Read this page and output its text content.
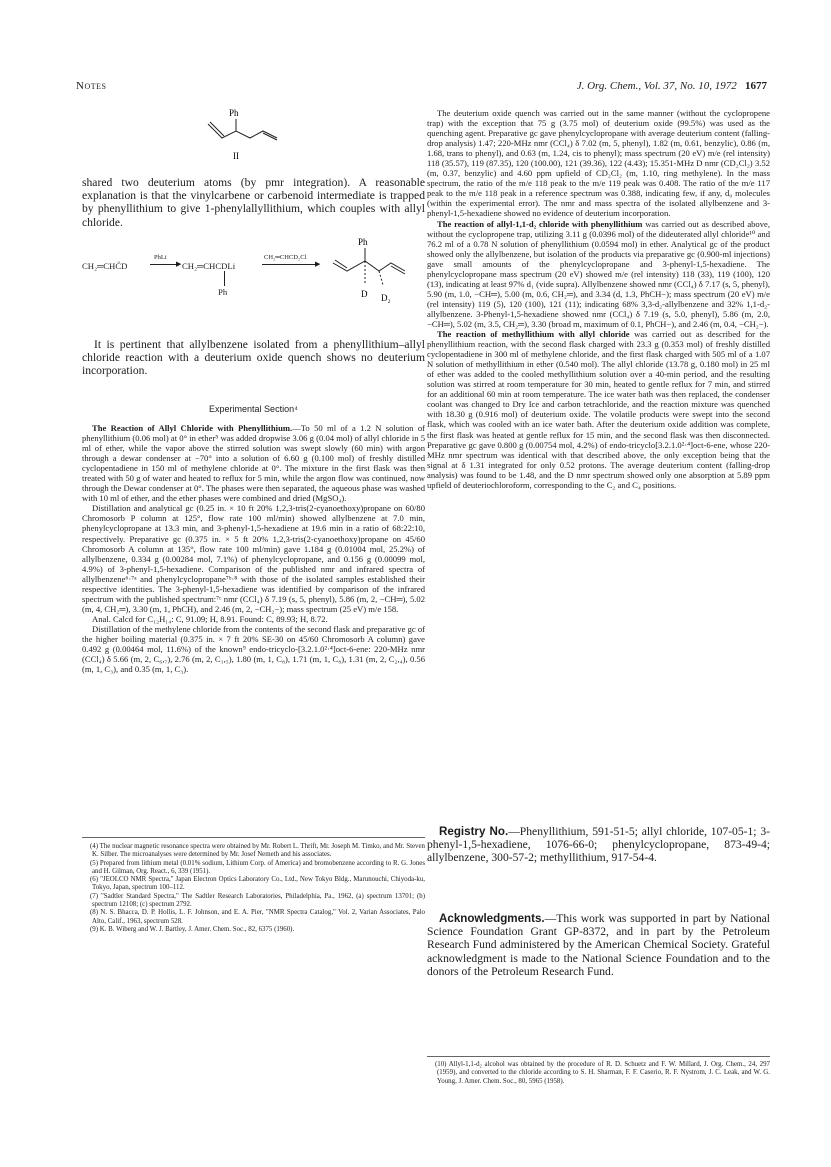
Notes	J. Org. Chem., Vol. 37, No. 10, 1972 1677
Ph
II

shared two deuterium atoms (by pmr integration). A reasonable explanation is that the vinylcarbene or carbenoid intermediate is trapped by phenyllithium to give 1-phenylallyllithium, which couples with allyl chloride.

CH₂═CHC̈D
PhLi
▶ CH₂═CHCDLi
Ph
CH₂═CHCD₂Cl
▶
Ph
D D₂

It is pertinent that allylbenzene isolated from a phenyllithium–allyl chloride reaction with a deuterium oxide quench shows no deuterium incorporation.

Experimental Section⁴

The Reaction of Allyl Chloride with Phenyllithium.—To 50 ml of a 1.2 N solution of phenyllithium (0.06 mol) at 0° in ether⁵ was added dropwise 3.06 g (0.04 mol) of allyl chloride in 5 ml of ether, while the vapor above the stirred solution was swept slowly (60 min) with argon through a dewar condenser at −70° into a solution of 6.60 g (0.100 mol) of freshly distilled cyclopentadiene in 150 ml of methylene chloride at 0°. The mixture in the first flask was then treated with 50 g of water and heated to reflux for 5 min, while the argon flow was continued, now through the Dewar condenser at 0°. The phases were then separated, the aqueous phase was washed with 10 ml of ether, and the ether phases were combined and dried (MgSO₄).

Distillation and analytical gc (0.25 in. × 10 ft 20% 1,2,3-tris(2-cyanoethoxy)propane on 60/80 Chromosorb P column at 125°, flow rate 100 ml/min) showed allylbenzene at 7.0 min, phenylcyclopropane at 13.3 min, and 3-phenyl-1,5-hexadiene at 19.6 min in a ratio of 68:22:10, respectively. Preparative gc (0.375 in. × 5 ft 20% 1,2,3-tris(2-cyanoethoxy)propane on 45/60 Chromosorb A column at 135°, flow rate 100 ml/min) gave 1.184 g (0.01004 mol, 25.2%) of allylbenzene, 0.334 g (0.00284 mol, 7.1%) of phenylcyclopropane, and 0.156 g (0.00099 mol, 4.9%) of 3-phenyl-1,5-hexadiene. Comparison of the published nmr and infrared spectra of allylbenzene⁶·⁷ᵃ and phenylcyclopropane⁷ᵇ·⁸ with those of the isolated samples established their respective identities. The 3-phenyl-1,5-hexadiene was identified by comparison of the infrared spectrum with the published spectrum:⁷ᶜ nmr (CCl₄) δ 7.19 (s, 5, phenyl), 5.86 (m, 2, −CH═), 5.02 (m, 4, CH₂═), 3.30 (m, 1, PhCH), and 2.46 (m, 2, −CH₂−); mass spectrum (25 eV) m/e 158.

Anal. Calcd for C₁₂H₁₄: C, 91.09; H, 8.91. Found: C, 89.93; H, 8.72.

Distillation of the methylene chloride from the contents of the second flask and preparative gc of the higher boiling material (0.375 in. × 7 ft 20% SE-30 on 45/60 Chromosorb A column) gave 0.492 g (0.00464 mol, 11.6%) of the known⁹ endo-tricyclo-[3.2.1.0²·⁴]oct-6-ene: 220-MHz nmr (CCl₄) δ 5.66 (m, 2, C₆,₇), 2.76 (m, 2, C₁,₅), 1.80 (m, 1, C₈), 1.71 (m, 1, C₈), 1.31 (m, 2, C₂,₄), 0.56 (m, 1, C₃), and 0.35 (m, 1, C₃).

(4) The nuclear magnetic resonance spectra were obtained by Mr. Robert L. Thrift, Mr. Joseph M. Timko, and Mr. Steven K. Silber. The microanalyses were determined by Mr. Josef Nemeth and his associates.

(5) Prepared from lithium metal (0.01% sodium, Lithium Corp. of America) and bromobenzene according to R. G. Jones and H. Gilman, Org. React., 6, 339 (1951).

(6) "JEOLCO NMR Spectra," Japan Electron Optics Laboratory Co., Ltd., New Tokyo Bldg., Marunouchi, Chiyoda-ku, Tokyo, Japan, spectrum 100–112.

(7) "Sadtler Standard Spectra," The Sadtler Research Laboratories, Philadelphia, Pa., 1962, (a) spectrum 13701; (b) spectrum 12108; (c) spectrum 2792.

(8) N. S. Bhacca, D. P. Hollis, L. F. Johnson, and E. A. Pier, "NMR Spectra Catalog," Vol. 2, Varian Associates, Palo Alto, Calif., 1963, spectrum 528.

(9) K. B. Wiberg and W. J. Bartley, J. Amer. Chem. Soc., 82, 6375 (1960).

The deuterium oxide quench was carried out in the same manner (without the cyclopropene trap) with the exception that 75 g (3.75 mol) of deuterium oxide (99.5%) was used as the quenching agent. Preparative gc gave phenylcyclopropane with average deuterium content (falling-drop analysis) 1.47; 220-MHz nmr (CCl₄) δ 7.02 (m, 5, phenyl), 1.82 (m, 0.61, benzylic), 0.86 (m, 1.68, trans to phenyl), and 0.63 (m, 1.24, cis to phenyl); mass spectrum (20 eV) m/e (rel intensity) 118 (35.57), 119 (87.35), 120 (100.00), 121 (39.36), 122 (4.43); 15.351-MHz D nmr (CD₂Cl₂) 3.52 (m, 0.37, benzylic) and 4.60 ppm upfield of CD₂Cl₂ (m, 1.10, ring methylene). In the mass spectrum, the ratio of the m/e 118 peak to the m/e 119 peak was 0.408. The ratio of the m/e 117 peak to the m/e 118 peak in a reference spectrum was 0.388, indicating few, if any, d₀ molecules (within the experimental error). The nmr and mass spectra of the isolated allylbenzene and 3-phenyl-1,5-hexadiene showed no evidence of deuterium incorporation.

The reaction of allyl-1,1-d₂ chloride with phenyllithium was carried out as described above, without the cyclopropene trap, utilizing 3.11 g (0.0396 mol) of the dideuterated allyl chloride¹⁰ and 76.2 ml of a 0.78 N solution of phenyllithium (0.0594 mol) in ether. Analytical gc of the product showed only the allylbenzene, but isolation of the products via preparative gc (0.900-ml injections) gave small amounts of the phenylcyclopropane and 3-phenyl-1,5-hexadiene. The phenylcyclopropane mass spectrum (20 eV) showed m/e (rel intensity) 118 (33), 119 (100), 120 (13), indicating at least 97% d₁ (vide supra). Allylbenzene showed nmr (CCl₄) δ 7.17 (s, 5, phenyl), 5.90 (m, 1.0, −CH═), 5.00 (m, 0.6, CH₂═), and 3.34 (d, 1.3, PhCH−); mass spectrum (20 eV) m/e (rel intensity) 119 (5), 120 (100), 121 (11); indicating 68% 3,3-d₂-allylbenzene and 32% 1,1-d₂-allylbenzene. 3-Phenyl-1,5-hexadiene showed nmr (CCl₄) δ 7.19 (s, 5.0, phenyl), 5.86 (m, 2.0, −CH═), 5.02 (m, 3.5, CH₂═), 3.30 (broad m, maximum of 0.1, PhCH−), and 2.46 (m, 0.4, −CH₂−).

The reaction of methyllithium with allyl chloride was carried out as described for the phenyllithium reaction, with the second flask charged with 23.3 g (0.353 mol) of freshly distilled cyclopentadiene in 300 ml of methylene chloride, and the first flask charged with 505 ml of a 1.07 N solution of methyllithium in ether (0.540 mol). The allyl chloride (13.78 g, 0.180 mol) in 25 ml of ether was added to the cooled methyllithium solution over a 40-min period, and the resulting solution was stirred at room temperature for 30 min, heated to gentle reflux for 7 min, and stirred for an additional 60 min at room temperature. The ice water bath was then replaced, the condenser coolant was changed to Dry Ice and carbon tetrachloride, and the reaction mixture was quenched with 18.30 g (0.916 mol) of deuterium oxide. The volatile products were swept into the second flask, which was cooled with an ice water bath. After the deuterium oxide addition was complete, the first flask was heated at gentle reflux for 15 min, and the second flask was then disconnected. Preparative gc gave 0.800 g (0.00754 mol, 4.2%) of endo-tricyclo[3.2.1.0²·⁴]oct-6-ene, whose 220-MHz nmr spectrum was identical with that described above, the only exception being that the signal at δ 1.31 integrated for only 0.52 protons. The average deuterium content (falling-drop analysis) was found to be 1.48, and the D nmr spectrum showed only one absorption at 5.89 ppm upfield of deuteriochloroform, corresponding to the C₂ and C₄ positions.

Registry No.—Phenyllithium, 591-51-5; allyl chloride, 107-05-1; 3-phenyl-1,5-hexadiene, 1076-66-0; phenylcyclopropane, 873-49-4; allylbenzene, 300-57-2; methyllithium, 917-54-4.

Acknowledgments.—This work was supported in part by National Science Foundation Grant GP-8372, and in part by the Petroleum Research Fund administered by the American Chemical Society. Grateful acknowledgment is made to the National Science Foundation and to the donors of the Petroleum Research Fund.

(10) Allyl-1,1-d₂ alcohol was obtained by the procedure of R. D. Schuetz and F. W. Millard, J. Org. Chem., 24, 297 (1959), and converted to the chloride according to S. H. Sharman, F. F. Caserio, R. F. Nystrom, J. C. Leak, and W. G. Young, J. Amer. Chem. Soc., 80, 5965 (1958).
